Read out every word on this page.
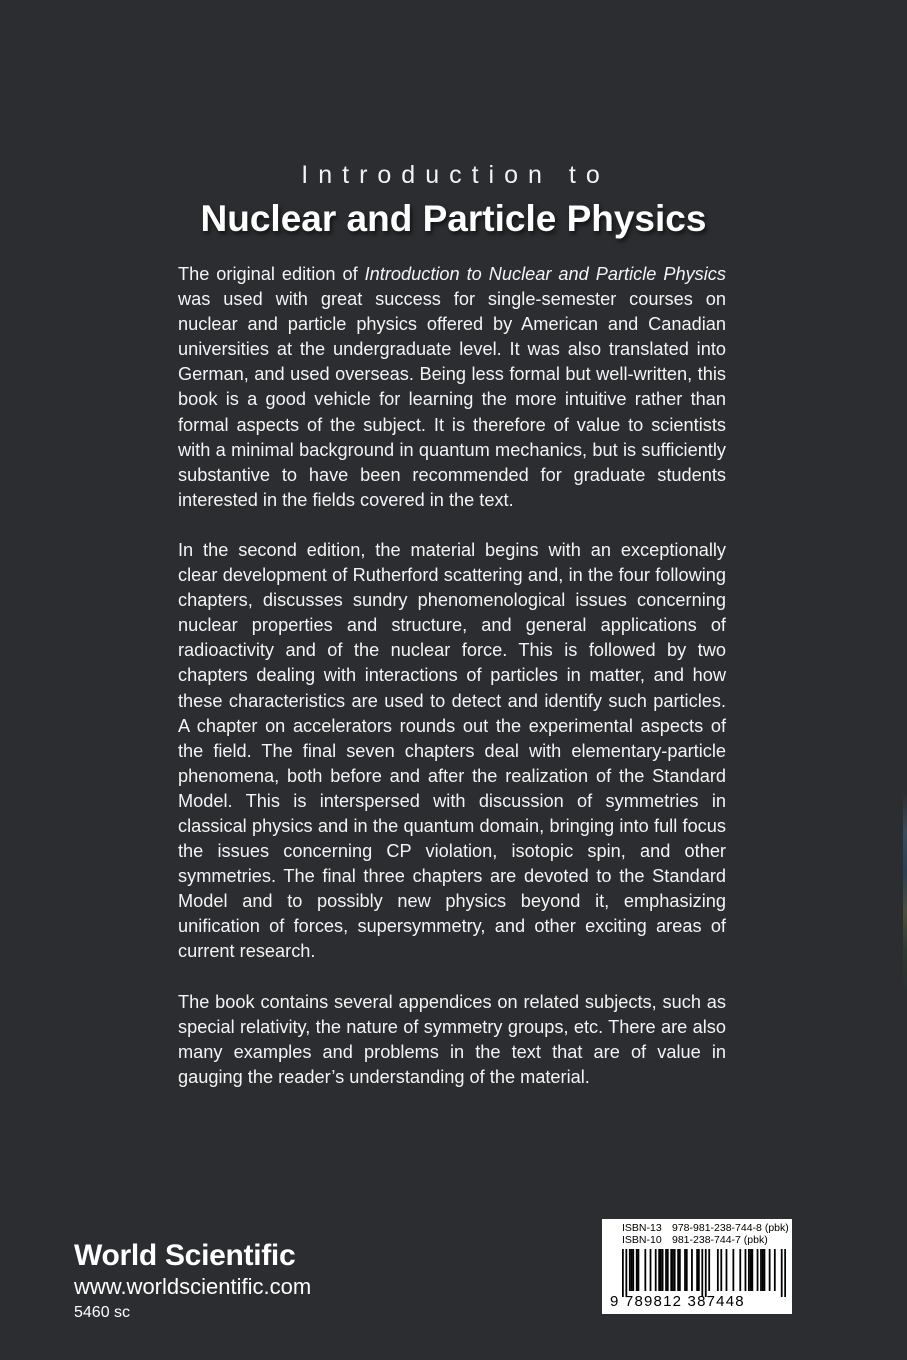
Introduction to
Nuclear and Particle Physics

The original edition of Introduction to Nuclear and Particle Physics was used with great success for single-semester courses on nuclear and particle physics offered by American and Canadian universities at the undergraduate level. It was also translated into German, and used overseas. Being less formal but well-written, this book is a good vehicle for learning the more intuitive rather than formal aspects of the subject. It is therefore of value to scientists with a minimal background in quantum mechanics, but is sufficiently substantive to have been recommended for graduate students interested in the fields covered in the text.

In the second edition, the material begins with an exceptionally clear development of Rutherford scattering and, in the four following chapters, discusses sundry phenomenological issues concerning nuclear properties and structure, and general applications of radioactivity and of the nuclear force. This is followed by two chapters dealing with interactions of particles in matter, and how these characteristics are used to detect and identify such particles. A chapter on accelerators rounds out the experimental aspects of the field. The final seven chapters deal with elementary-particle phenomena, both before and after the realization of the Standard Model. This is interspersed with discussion of symmetries in classical physics and in the quantum domain, bringing into full focus the issues concerning CP violation, isotopic spin, and other symmetries. The final three chapters are devoted to the Standard Model and to possibly new physics beyond it, emphasizing unification of forces, supersymmetry, and other exciting areas of current research.

The book contains several appendices on related subjects, such as special relativity, the nature of symmetry groups, etc. There are also many examples and problems in the text that are of value in gauging the reader’s understanding of the material.

World Scientific
www.worldscientific.com
5460 sc
ISBN-13 978-981-238-744-8 (pbk)
ISBN-10 981-238-744-7 (pbk)
9 789812 387448
